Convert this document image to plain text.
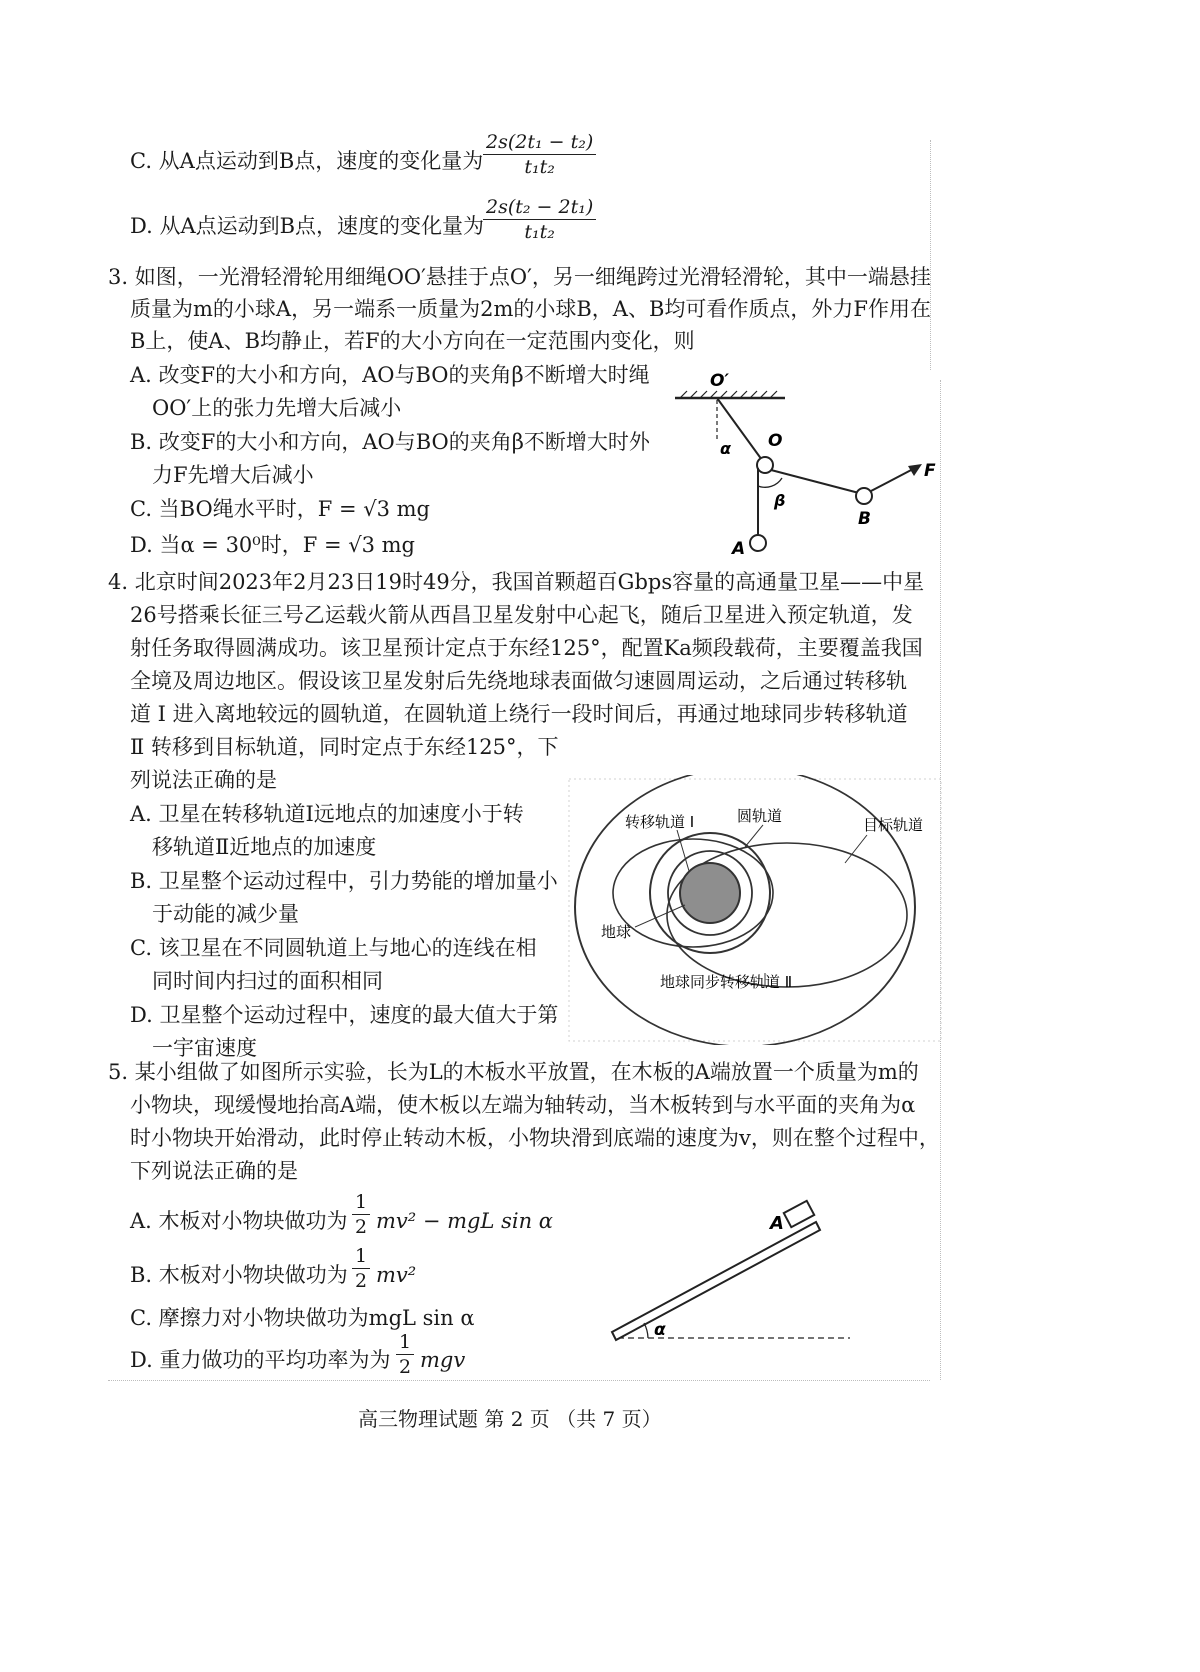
C. 从A点运动到B点，速度的变化量为 $\frac{\text{2s(2t₁ − t₂)}}{\text{t₁t₂}}$
D. 从A点运动到B点，速度的变化量为
$\frac{\text{2s(t₂ − 2t₁)}}{\text{t₁t₂}}$
3. 如图，一光滑轻滑轮用细绳OO′悬挂于点O′，另一细绳跨过光滑轻滑轮，其中一端悬挂
质量为m的小球A，另一端系一质量为2m的小球B，A、B均可看作质点，外力F作用在
B上，使A、B均静止，若F的大小方向在一定范围内变化，则
A. 改变F的大小和方向，AO与BO的夹角β不断增大时绳
OO′上的张力先增大后减小
B. 改变F的大小和方向，AO与BO的夹角β不断增大时外
力F先增大后减小
C. 当BO绳水平时，F = √3 mg
D. 当α = 30⁰时，F = √3 mg
O′
O
α
β
F
A
B
4. 北京时间2023年2月23日19时49分，我国首颗超百Gbps容量的高通量卫星——中星
26号搭乘长征三号乙运载火箭从西昌卫星发射中心起飞，随后卫星进入预定轨道，发
射任务取得圆满成功。该卫星预计定点于东经125°，配置Ka频段载荷，主要覆盖我国
全境及周边地区。假设该卫星发射后先绕地球表面做匀速圆周运动，之后通过转移轨
道 Ⅰ 进入离地较远的圆轨道，在圆轨道上绕行一段时间后，再通过地球同步转移轨道
Ⅱ 转移到目标轨道，同时定点于东经125°，下
列说法正确的是
A. 卫星在转移轨道Ⅰ远地点的加速度小于转
移轨道Ⅱ近地点的加速度
B. 卫星整个运动过程中，引力势能的增加量小
于动能的减少量
C. 该卫星在不同圆轨道上与地心的连线在相
同时间内扫过的面积相同
D. 卫星整个运动过程中，速度的最大值大于第
一宇宙速度
转移轨道 Ⅰ	圆轨道	目标轨道
地球
地球同步转移轨道 Ⅱ
5. 某小组做了如图所示实验，长为L的木板水平放置，在木板的A端放置一个质量为m的
小物块，现缓慢地抬高A端，使木板以左端为轴转动，当木板转到与水平面的夹角为α
时小物块开始滑动，此时停止转动木板，小物块滑到底端的速度为v，则在整个过程中，
下列说法正确的是
A. 木板对小物块做功为 $\frac{1}{2} mv^2$ − mgL sin α
B. 木板对小物块做功为 $\frac{1}{2} mv^2$
C. 摩擦力对小物块做功为mgL sin α
D. 重力做功的平均功率为为 $\frac{1}{2}$ mgv
A
α
高三物理试题 第 2 页 （共 7 页）
